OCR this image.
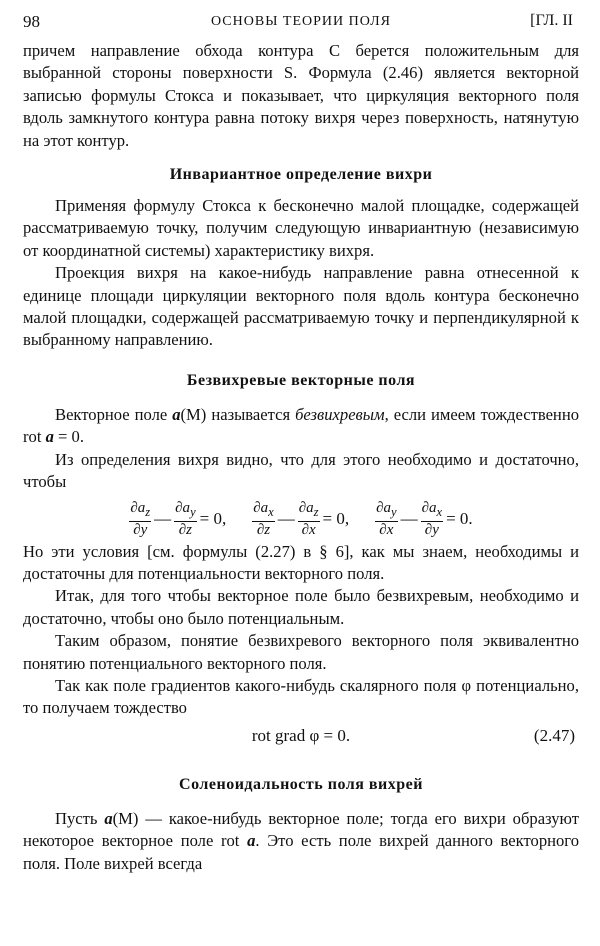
98	ОСНОВЫ ТЕОРИИ ПОЛЯ	[ГЛ. II

причем направление обхода контура C берется положительным для выбранной стороны поверхности S. Формула (2.46) является векторной записью формулы Стокса и показывает, что циркуляция векторного поля вдоль замкнутого контура равна потоку вихря через поверхность, натянутую на этот контур.

Инвариантное определение вихри

Применяя формулу Стокса к бесконечно малой площадке, содержащей рассматриваемую точку, получим следующую инвариантную (независимую от координатной системы) характеристику вихря.

Проекция вихря на какое-нибудь направление равна отнесенной к единице площади циркуляции векторного поля вдоль контура бесконечно малой площадки, содержащей рассматриваемую точку и перпендикулярной к выбранному направлению.

Безвихревые векторные поля

Векторное поле a(M) называется безвихревым, если имеем тождественно rot a = 0.

Из определения вихря видно, что для этого необходимо и достаточно, чтобы

$\partial a_z$
∂y
— $\frac{\partial a_y}{\partial z} = 0$,
$\partial a_x$
∂z
— $\frac{\partial a_z}{\partial x} = 0$,
$\partial a_y$
∂x
— $\frac{\partial a_x}{\partial y} = 0$.

Но эти условия [см. формулы (2.27) в § 6], как мы знаем, необходимы и достаточны для потенциальности векторного поля.

Итак, для того чтобы векторное поле было безвихревым, необходимо и достаточно, чтобы оно было потенциальным.

Таким образом, понятие безвихревого векторного поля эквивалентно понятию потенциального векторного поля.

Так как поле градиентов какого-нибудь скалярного поля φ потенциально, то получаем тождество

rot grad φ = 0.	(2.47)
Соленоидальность поля вихрей

Пусть a(M) — какое-нибудь векторное поле; тогда его вихри образуют некоторое векторное поле rot a. Это есть поле вихрей данного векторного поля. Поле вихрей всегда
